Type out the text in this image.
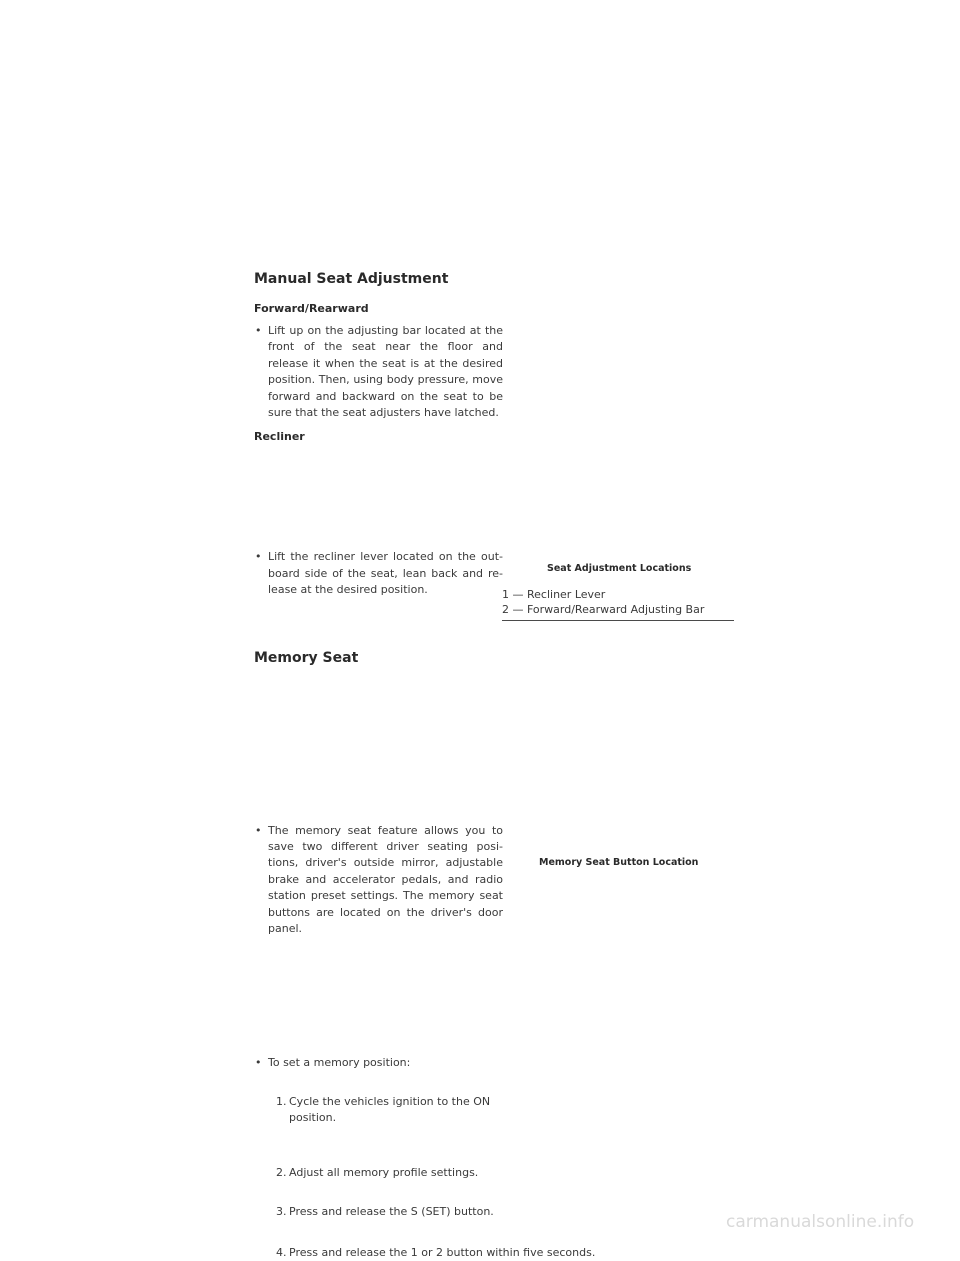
Manual Seat Adjustment
Forward/Rearward
• Lift up on the adjusting bar located at the front of the seat near the floor and release it when the seat is at the desired position. Then, using body pressure, move forward and backward on the seat to be sure that the seat adjusters have latched.
Recliner
• Lift the recliner lever located on the out-board side of the seat, lean back and re-lease at the desired position.
Seat Adjustment Locations
1 — Recliner Lever
2 — Forward/Rearward Adjusting Bar
Memory Seat
• The memory seat feature allows you to save two different driver seating posi-tions, driver's outside mirror, adjustable brake and accelerator pedals, and radio station preset settings. The memory seat buttons are located on the driver's door panel.
• To set a memory position:
1. Cycle the vehicles ignition to the ON position.
2. Adjust all memory profile settings.
3. Press and release the S (SET) button.
4. Press and release the 1 or 2 button within five seconds.
Memory Seat Button Location
carmanualsonline.info
